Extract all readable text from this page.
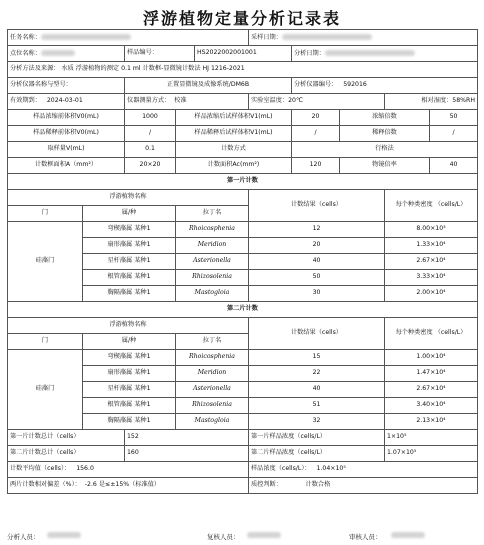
浮游植物定量分析记录表
任务名称：					采样日期：				
点位名称：		样品编号：		HS2022002001001		分析日期：			
分析方法及来源： 水质 浮游植物的测定 0.1 ml 计数框-显微镜计数法 HJ 1216-2021									
分析仪器名称与型号：		正置显微镜及成像系统/DM6B				分析仪器编号： 592016			
有效期到： 2024-03-01		仪器测量方式： 校准			实验室温度：20℃			相对湿度：58%RH	
样品浓缩前体积V0(mL)		1000	样品浓缩后试样体积V1(mL)			20	浓缩倍数		50
样品稀释前体积V0(mL)		/	样品稀释后试样体积V1(mL)			/	稀释倍数		/
取样量V(mL)		0.1	计数方式			行格法			
计数框面积A（mm²）		20×20	计数面积Ac(mm²)			120	物镜倍率		40
第一片计数									
浮游植物名称					计数结果（cells）			每个种类密度 （cells/L）	
门	属/种		拉丁名						
硅藻门	弯楔藻属 某种1		Rhoicosphenia		12			8.00×10³	
	扇形藻属 某种1		Meridion		20			1.33×10⁴	
	星杆藻属 某种1		Asterionella		40			2.67×10⁴	
	根管藻属 某种1		Rhizosolenia		50			3.33×10⁴	
	胸隔藻属 某种1		Mastogloia		30			2.00×10⁴	
第二片计数									
浮游植物名称					计数结果（cells）			每个种类密度 （cells/L）	
门	属/种		拉丁名						
硅藻门	弯楔藻属 某种1		Rhoicosphenia		15			1.00×10⁴	
	扇形藻属 某种1		Meridion		22			1.47×10⁴	
	星杆藻属 某种1		Asterionella		40			2.67×10⁴	
	根管藻属 某种1		Rhizosolenia		51			3.40×10⁴	
	胸隔藻属 某种1		Mastogloia		32			2.13×10⁴	
第一片计数总计（cells）		152			第一片样品浓度（cells/L）			1×10⁵	
第二片计数总计（cells）		160			第二片样品浓度（cells/L）			1.07×10⁵	
计数平均值（cells）： 156.0					样品浓度（cells/L）： 1.04×10⁵				
两片计数相对偏差（%）： -2.6 是≤±15%（标准值）					质控判断： 计数合格				
分析人员：	复核人员：	审核人员：
